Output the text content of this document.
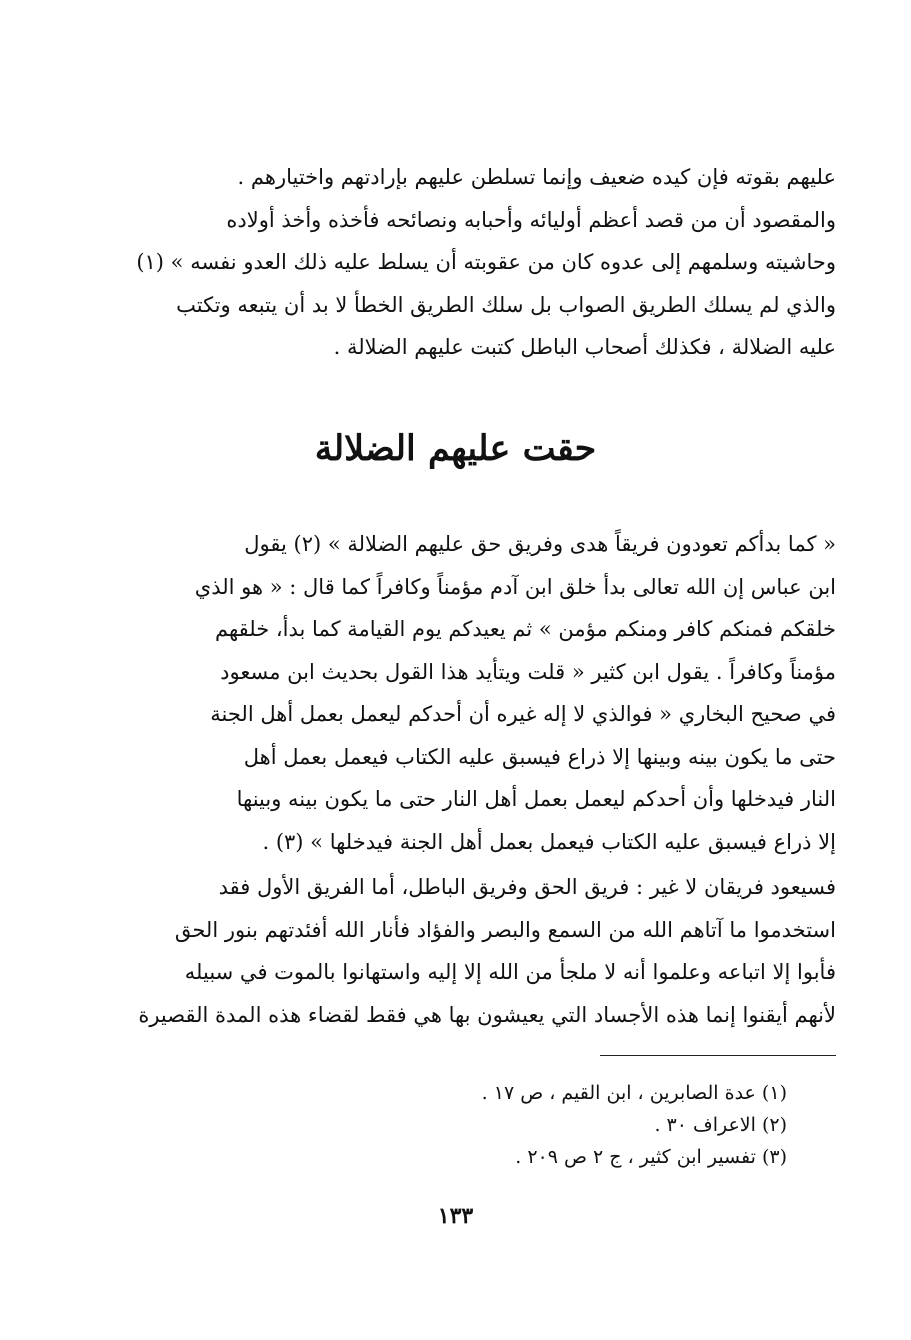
عليهم بقوته فإن كيده ضعيف وإنما تسلطن عليهم بإرادتهم واختيارهم .
والمقصود أن من قصد أعظم أوليائه وأحبابه ونصائحه فأخذه وأخذ أولاده
وحاشيته وسلمهم إلى عدوه كان من عقوبته أن يسلط عليه ذلك العدو نفسه » (١)
والذي لم يسلك الطريق الصواب بل سلك الطريق الخطأ لا بد أن يتبعه وتكتب
عليه الضلالة ، فكذلك أصحاب الباطل كتبت عليهم الضلالة .
حقت عليهم الضلالة
« كما بدأكم تعودون فريقاً هدى وفريق حق عليهم الضلالة » (٢) يقول
ابن عباس إن الله تعالى بدأ خلق ابن آدم مؤمناً وكافراً كما قال : « هو الذي
خلقكم فمنكم كافر ومنكم مؤمن » ثم يعيدكم يوم القيامة كما بدأ، خلقهم
مؤمناً وكافراً . يقول ابن كثير « قلت ويتأيد هذا القول بحديث ابن مسعود
في صحيح البخاري « فوالذي لا إله غيره أن أحدكم ليعمل بعمل أهل الجنة
حتى ما يكون بينه وبينها إلا ذراع فيسبق عليه الكتاب فيعمل بعمل أهل
النار فيدخلها وأن أحدكم ليعمل بعمل أهل النار حتى ما يكون بينه وبينها
إلا ذراع فيسبق عليه الكتاب فيعمل بعمل أهل الجنة فيدخلها » (٣) .
فسيعود فريقان لا غير : فريق الحق وفريق الباطل، أما الفريق الأول فقد
استخدموا ما آتاهم الله من السمع والبصر والفؤاد فأنار الله أفئدتهم بنور الحق
فأبوا إلا اتباعه وعلموا أنه لا ملجأ من الله إلا إليه واستهانوا بالموت في سبيله
لأنهم أيقنوا إنما هذه الأجساد التي يعيشون بها هي فقط لقضاء هذه المدة القصيرة
(١) عدة الصابرين ، ابن القيم ، ص ١٧ .
(٢) الاعراف ٣٠ .
(٣) تفسير ابن كثير ، ج ٢ ص ٢٠٩ .
١٣٣
